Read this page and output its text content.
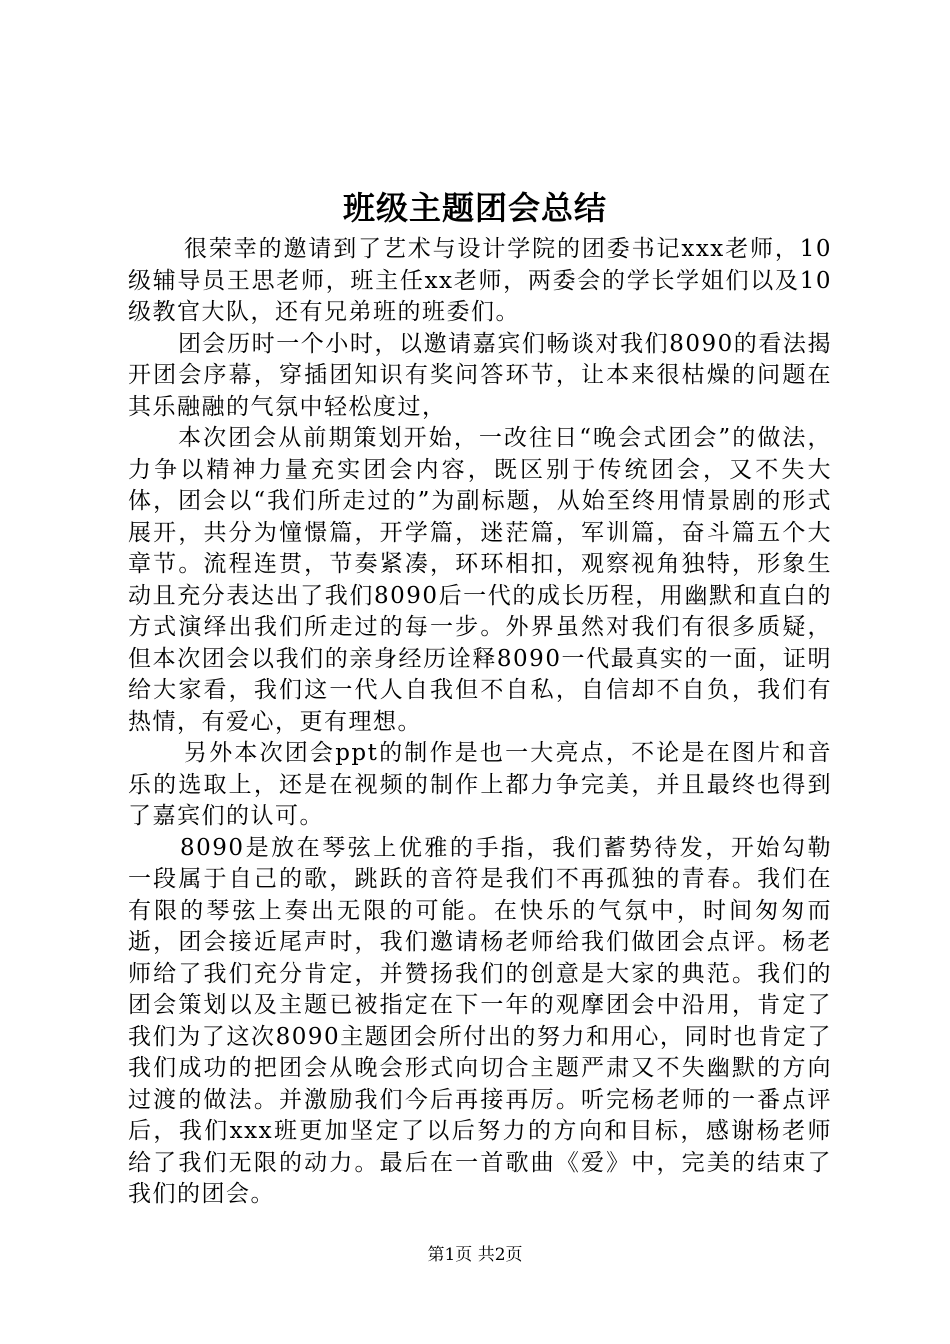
班级主题团会总结

很荣幸的邀请到了艺术与设计学院的团委书记xxx老师，10级辅导员王思老师，班主任xx老师，两委会的学长学姐们以及10级教官大队，还有兄弟班的班委们。

团会历时一个小时，以邀请嘉宾们畅谈对我们8090的看法揭开团会序幕，穿插团知识有奖问答环节，让本来很枯燥的问题在其乐融融的气氛中轻松度过，

本次团会从前期策划开始，一改往日“晚会式团会”的做法，力争以精神力量充实团会内容，既区别于传统团会，又不失大体，团会以“我们所走过的”为副标题，从始至终用情景剧的形式展开，共分为憧憬篇，开学篇，迷茫篇，军训篇，奋斗篇五个大章节。流程连贯，节奏紧凑，环环相扣，观察视角独特，形象生动且充分表达出了我们8090后一代的成长历程，用幽默和直白的方式演绎出我们所走过的每一步。外界虽然对我们有很多质疑，但本次团会以我们的亲身经历诠释8090一代最真实的一面，证明给大家看，我们这一代人自我但不自私，自信却不自负，我们有热情，有爱心，更有理想。

另外本次团会ppt的制作是也一大亮点，不论是在图片和音乐的选取上，还是在视频的制作上都力争完美，并且最终也得到了嘉宾们的认可。

8090是放在琴弦上优雅的手指，我们蓄势待发，开始勾勒一段属于自己的歌，跳跃的音符是我们不再孤独的青春。我们在有限的琴弦上奏出无限的可能。在快乐的气氛中，时间匆匆而逝，团会接近尾声时，我们邀请杨老师给我们做团会点评。杨老师给了我们充分肯定，并赞扬我们的创意是大家的典范。我们的团会策划以及主题已被指定在下一年的观摩团会中沿用，肯定了我们为了这次8090主题团会所付出的努力和用心，同时也肯定了我们成功的把团会从晚会形式向切合主题严肃又不失幽默的方向过渡的做法。并激励我们今后再接再厉。听完杨老师的一番点评后，我们xxx班更加坚定了以后努力的方向和目标，感谢杨老师给了我们无限的动力。最后在一首歌曲《爱》中，完美的结束了我们的团会。

第1页 共2页
